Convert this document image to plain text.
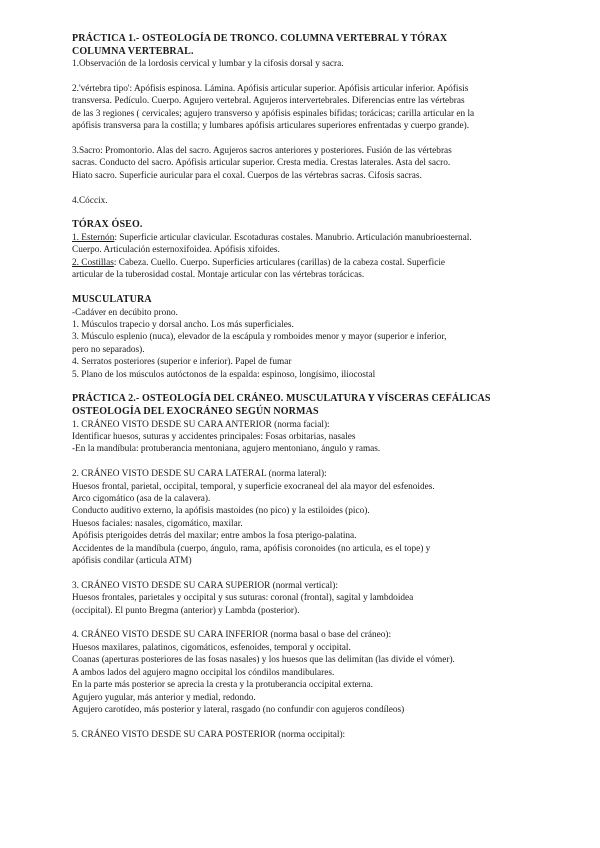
PRÁCTICA 1.- OSTEOLOGÍA DE TRONCO. COLUMNA VERTEBRAL Y TÓRAX
COLUMNA VERTEBRAL.

1.Observación de la lordosis cervical y lumbar y la cifosis dorsal y sacra.

2.'vértebra tipo': Apófisis espinosa. Lámina. Apófisis articular superior. Apófisis articular inferior. Apófisis

transversa. Pedículo. Cuerpo. Agujero vertebral. Agujeros intervertebrales. Diferencias entre las vértebras

de las 3 regiones ( cervicales; agujero transverso y apófisis espinales bífidas; torácicas; carilla articular en la

apófisis transversa para la costilla; y lumbares apófisis articulares superiores enfrentadas y cuerpo grande).

3.Sacro: Promontorio. Alas del sacro. Agujeros sacros anteriores y posteriores. Fusión de las vértebras

sacras. Conducto del sacro. Apófisis articular superior. Cresta media. Crestas laterales. Asta del sacro.

Hiato sacro. Superficie auricular para el coxal. Cuerpos de las vértebras sacras. Cifosis sacras.

4.Cóccix.

TÓRAX ÓSEO.

1. Esternón: Superficie articular clavicular. Escotaduras costales. Manubrio. Articulación manubrioesternal.

Cuerpo. Articulación esternoxifoidea. Apófisis xifoides.

2. Costillas: Cabeza. Cuello. Cuerpo. Superficies articulares (carillas) de la cabeza costal. Superficie

articular de la tuberosidad costal. Montaje articular con las vértebras torácicas.

MUSCULATURA

-Cadáver en decúbito prono.

1. Músculos trapecio y dorsal ancho. Los más superficiales.

3. Músculo esplenio (nuca), elevador de la escápula y romboides menor y mayor (superior e inferior,

pero no separados).

4. Serratos posteriores (superior e inferior). Papel de fumar

5. Plano de los músculos autóctonos de la espalda: espinoso, longísimo, iliocostal

PRÁCTICA 2.- OSTEOLOGÍA DEL CRÁNEO. MUSCULATURA Y VÍSCERAS CEFÁLICAS
OSTEOLOGÍA DEL EXOCRÁNEO SEGÚN NORMAS

1. CRÁNEO VISTO DESDE SU CARA ANTERIOR (norma facial):

Identificar huesos, suturas y accidentes principales: Fosas orbitarias, nasales

-En la mandíbula: protuberancia mentoniana, agujero mentoniano, ángulo y ramas.

2. CRÁNEO VISTO DESDE SU CARA LATERAL (norma lateral):

Huesos frontal, parietal, occipital, temporal, y superficie exocraneal del ala mayor del esfenoides.

Arco cigomático (asa de la calavera).

Conducto auditivo externo, la apófisis mastoides (no pico) y la estiloides (pico).

Huesos faciales: nasales, cigomático, maxilar.

Apófisis pterigoides detrás del maxilar; entre ambos la fosa pterigo-palatina.

Accidentes de la mandíbula (cuerpo, ángulo, rama, apófisis coronoides (no articula, es el tope) y

apófisis condilar (articula ATM)

3. CRÁNEO VISTO DESDE SU CARA SUPERIOR (normal vertical):

Huesos frontales, parietales y occipital y sus suturas: coronal (frontal), sagital y lambdoidea

(occipital). El punto Bregma (anterior) y Lambda (posterior).

4. CRÁNEO VISTO DESDE SU CARA INFERIOR (norma basal o base del cráneo):

Huesos maxilares, palatinos, cigomáticos, esfenoides, temporal y occipital.

Coanas (aperturas posteriores de las fosas nasales) y los huesos que las delimitan (las divide el vómer).

A ambos lados del agujero magno occipital los cóndilos mandibulares.

En la parte más posterior se aprecia la cresta y la protuberancia occipital externa.

Agujero yugular, más anterior y medial, redondo.

Agujero carotídeo, más posterior y lateral, rasgado (no confundir con agujeros condíleos)

5. CRÁNEO VISTO DESDE SU CARA POSTERIOR (norma occipital):
